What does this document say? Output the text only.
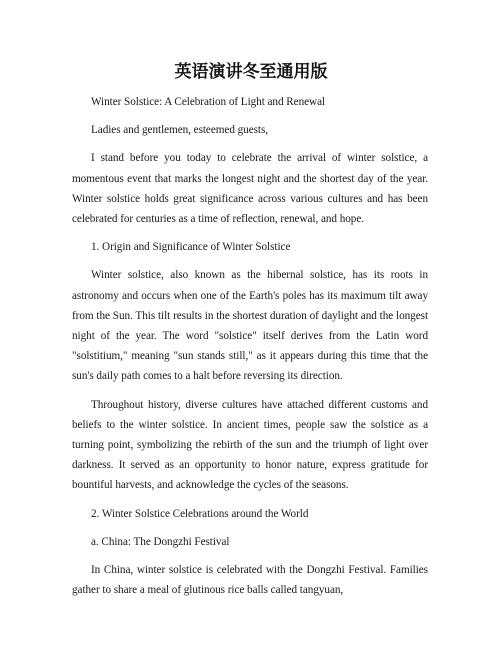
英语演讲冬至通用版

Winter Solstice: A Celebration of Light and Renewal

Ladies and gentlemen, esteemed guests,

I stand before you today to celebrate the arrival of winter solstice, a momentous event that marks the longest night and the shortest day of the year. Winter solstice holds great significance across various cultures and has been celebrated for centuries as a time of reflection, renewal, and hope.

1. Origin and Significance of Winter Solstice

Winter solstice, also known as the hibernal solstice, has its roots in astronomy and occurs when one of the Earth's poles has its maximum tilt away from the Sun. This tilt results in the shortest duration of daylight and the longest night of the year. The word "solstice" itself derives from the Latin word "solstitium," meaning "sun stands still," as it appears during this time that the sun's daily path comes to a halt before reversing its direction.

Throughout history, diverse cultures have attached different customs and beliefs to the winter solstice. In ancient times, people saw the solstice as a turning point, symbolizing the rebirth of the sun and the triumph of light over darkness. It served as an opportunity to honor nature, express gratitude for bountiful harvests, and acknowledge the cycles of the seasons.

2. Winter Solstice Celebrations around the World

a. China: The Dongzhi Festival

In China, winter solstice is celebrated with the Dongzhi Festival. Families gather to share a meal of glutinous rice balls called tangyuan,
